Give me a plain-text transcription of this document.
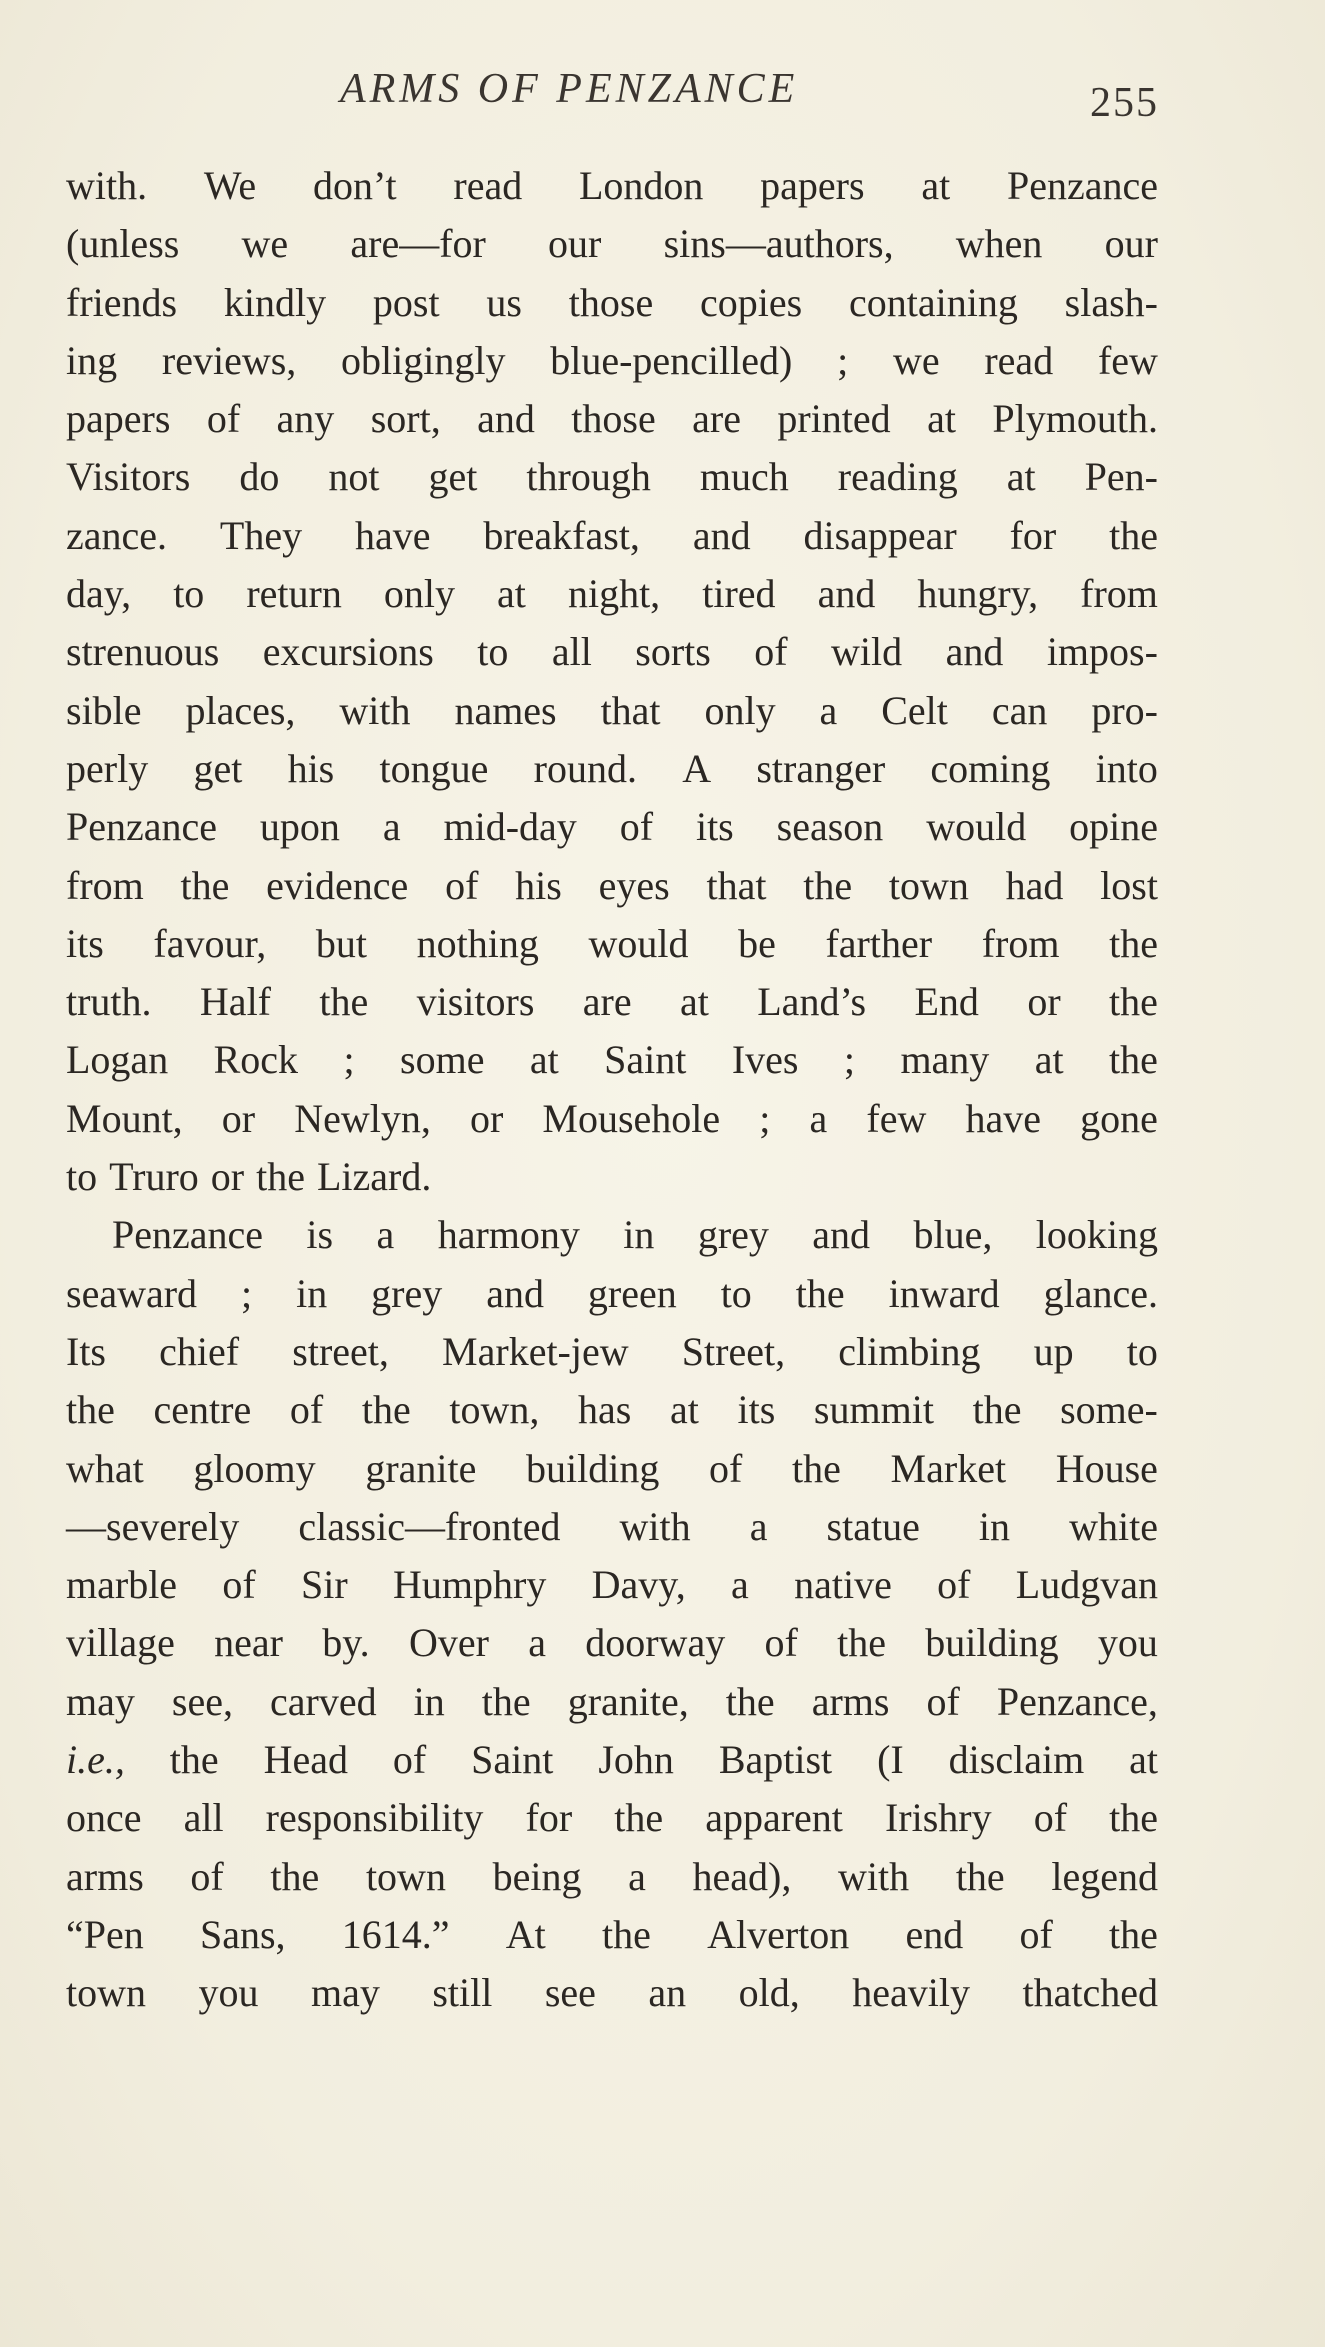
ARMS OF PENZANCE	255
with. We don’t read London papers at Penzance
(unless we are—for our sins—authors, when our
friends kindly post us those copies containing slash-
ing reviews, obligingly blue-pencilled) ; we read few
papers of any sort, and those are printed at Plymouth.
Visitors do not get through much reading at Pen-
zance. They have breakfast, and disappear for the
day, to return only at night, tired and hungry, from
strenuous excursions to all sorts of wild and impos-
sible places, with names that only a Celt can pro-
perly get his tongue round. A stranger coming into
Penzance upon a mid-day of its season would opine
from the evidence of his eyes that the town had lost
its favour, but nothing would be farther from the
truth. Half the visitors are at Land’s End or the
Logan Rock ; some at Saint Ives ; many at the
Mount, or Newlyn, or Mousehole ; a few have gone
to Truro or the Lizard.
Penzance is a harmony in grey and blue, looking
seaward ; in grey and green to the inward glance.
Its chief street, Market-jew Street, climbing up to
the centre of the town, has at its summit the some-
what gloomy granite building of the Market House
—severely classic—fronted with a statue in white
marble of Sir Humphry Davy, a native of Ludgvan
village near by. Over a doorway of the building you
may see, carved in the granite, the arms of Penzance,
i.e., the Head of Saint John Baptist (I disclaim at
once all responsibility for the apparent Irishry of the
arms of the town being a head), with the legend
“Pen Sans, 1614.” At the Alverton end of the
town you may still see an old, heavily thatched
